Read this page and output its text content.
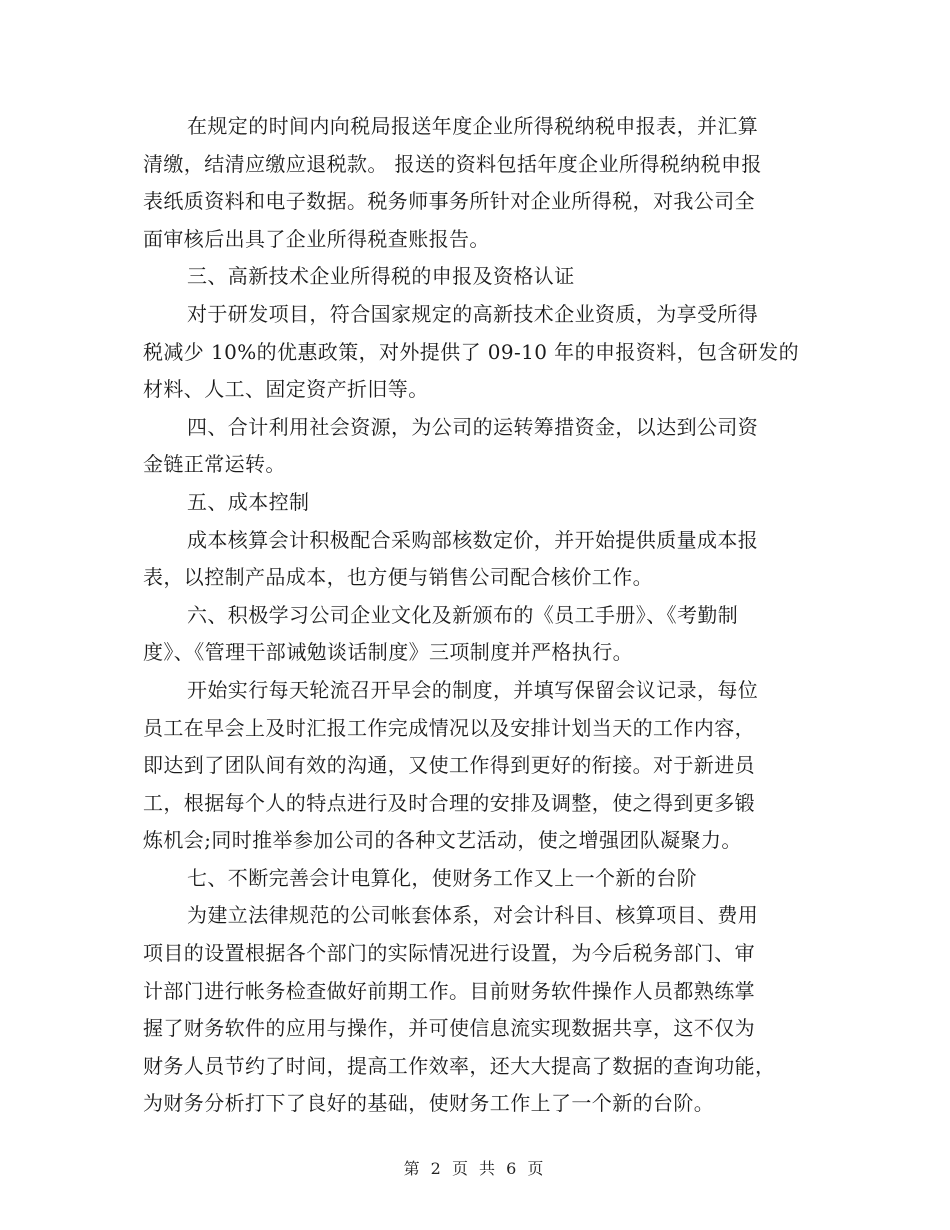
在规定的时间内向税局报送年度企业所得税纳税申报表，并汇算
清缴，结清应缴应退税款。 报送的资料包括年度企业所得税纳税申报
表纸质资料和电子数据。税务师事务所针对企业所得税，对我公司全
面审核后出具了企业所得税查账报告。
三、高新技术企业所得税的申报及资格认证
对于研发项目，符合国家规定的高新技术企业资质，为享受所得
税减少 10%的优惠政策，对外提供了 09-10 年的申报资料，包含研发的
材料、人工、固定资产折旧等。
四、合计利用社会资源，为公司的运转筹措资金，以达到公司资
金链正常运转。
五、成本控制
成本核算会计积极配合采购部核数定价，并开始提供质量成本报
表，以控制产品成本，也方便与销售公司配合核价工作。
六、积极学习公司企业文化及新颁布的《员工手册》、《考勤制
度》、《管理干部诫勉谈话制度》三项制度并严格执行。
开始实行每天轮流召开早会的制度，并填写保留会议记录，每位
员工在早会上及时汇报工作完成情况以及安排计划当天的工作内容，
即达到了团队间有效的沟通，又使工作得到更好的衔接。对于新进员
工，根据每个人的特点进行及时合理的安排及调整，使之得到更多锻
炼机会;同时推举参加公司的各种文艺活动，使之增强团队凝聚力。
七、不断完善会计电算化，使财务工作又上一个新的台阶
为建立法律规范的公司帐套体系，对会计科目、核算项目、费用
项目的设置根据各个部门的实际情况进行设置，为今后税务部门、审
计部门进行帐务检查做好前期工作。目前财务软件操作人员都熟练掌
握了财务软件的应用与操作，并可使信息流实现数据共享，这不仅为
财务人员节约了时间，提高工作效率，还大大提高了数据的查询功能，
为财务分析打下了良好的基础，使财务工作上了一个新的台阶。
第 2 页 共 6 页
